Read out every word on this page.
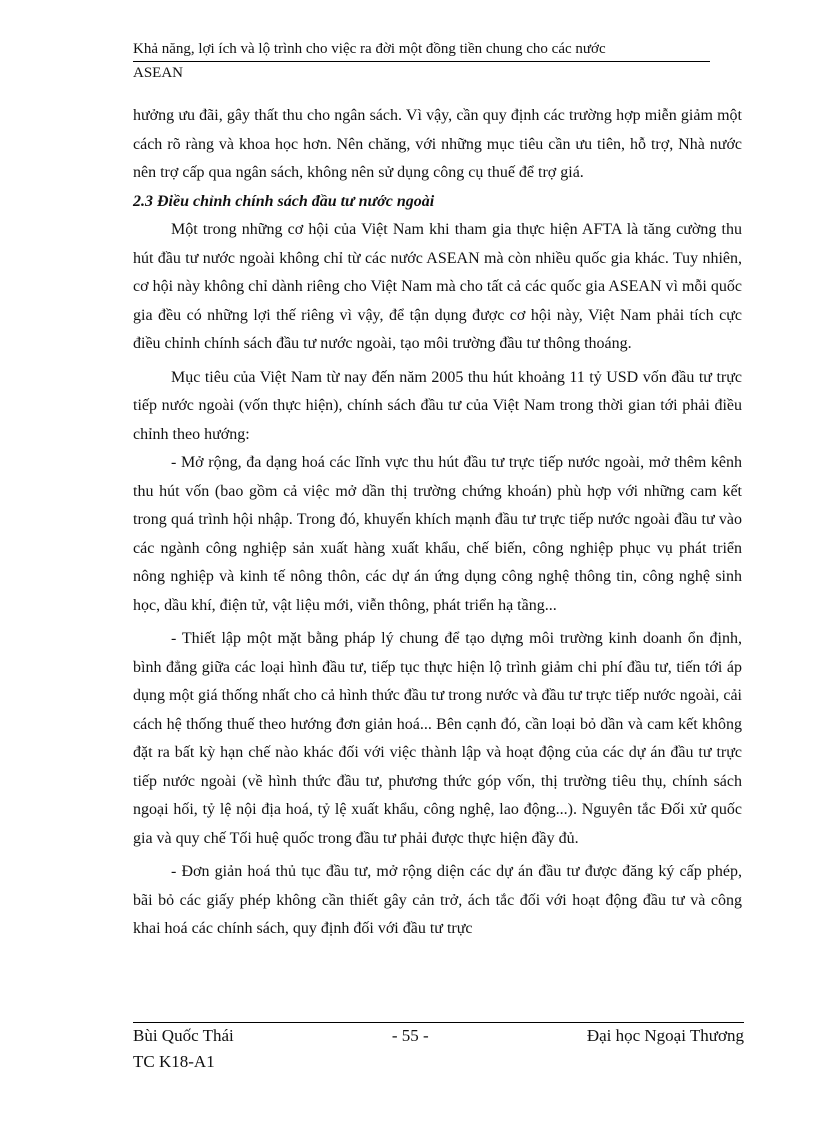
Khả năng, lợi ích và lộ trình cho việc ra đời một đồng tiền chung cho các nước
ASEAN

hưởng ưu đãi, gây thất thu cho ngân sách. Vì vậy, cần quy định các trường hợp miễn giảm một cách rõ ràng và khoa học hơn. Nên chăng, với những mục tiêu cần ưu tiên, hỗ trợ, Nhà nước nên trợ cấp qua ngân sách, không nên sử dụng công cụ thuế để trợ giá.

2.3 Điều chỉnh chính sách đầu tư nước ngoài

Một trong những cơ hội của Việt Nam khi tham gia thực hiện AFTA là tăng cường thu hút đầu tư nước ngoài không chỉ từ các nước ASEAN mà còn nhiều quốc gia khác. Tuy nhiên, cơ hội này không chỉ dành riêng cho Việt Nam mà cho tất cả các quốc gia ASEAN vì mỗi quốc gia đều có những lợi thế riêng vì vậy, để tận dụng được cơ hội này, Việt Nam phải tích cực điều chỉnh chính sách đầu tư nước ngoài, tạo môi trường đầu tư thông thoáng.

Mục tiêu của Việt Nam từ nay đến năm 2005 thu hút khoảng 11 tỷ USD vốn đầu tư trực tiếp nước ngoài (vốn thực hiện), chính sách đầu tư của Việt Nam trong thời gian tới phải điều chỉnh theo hướng:

- Mở rộng, đa dạng hoá các lĩnh vực thu hút đầu tư trực tiếp nước ngoài, mở thêm kênh thu hút vốn (bao gồm cả việc mở dần thị trường chứng khoán) phù hợp với những cam kết trong quá trình hội nhập. Trong đó, khuyến khích mạnh đầu tư trực tiếp nước ngoài đầu tư vào các ngành công nghiệp sản xuất hàng xuất khẩu, chế biến, công nghiệp phục vụ phát triển nông nghiệp và kinh tế nông thôn, các dự án ứng dụng công nghệ thông tin, công nghệ sinh học, dầu khí, điện tử, vật liệu mới, viễn thông, phát triển hạ tầng...

- Thiết lập một mặt bằng pháp lý chung để tạo dựng môi trường kinh doanh ổn định, bình đẳng giữa các loại hình đầu tư, tiếp tục thực hiện lộ trình giảm chi phí đầu tư, tiến tới áp dụng một giá thống nhất cho cả hình thức đầu tư trong nước và đầu tư trực tiếp nước ngoài, cải cách hệ thống thuế theo hướng đơn giản hoá... Bên cạnh đó, cần loại bỏ dần và cam kết không đặt ra bất kỳ hạn chế nào khác đối với việc thành lập và hoạt động của các dự án đầu tư trực tiếp nước ngoài (về hình thức đầu tư, phương thức góp vốn, thị trường tiêu thụ, chính sách ngoại hối, tỷ lệ nội địa hoá, tỷ lệ xuất khẩu, công nghệ, lao động...). Nguyên tắc Đối xử quốc gia và quy chế Tối huệ quốc trong đầu tư phải được thực hiện đầy đủ.

- Đơn giản hoá thủ tục đầu tư, mở rộng diện các dự án đầu tư được đăng ký cấp phép, bãi bỏ các giấy phép không cần thiết gây cản trở, ách tắc đối với hoạt động đầu tư và công khai hoá các chính sách, quy định đối với đầu tư trực

Bùi Quốc Thái	- 55 -	Đại học Ngoại Thương
TC K18-A1
